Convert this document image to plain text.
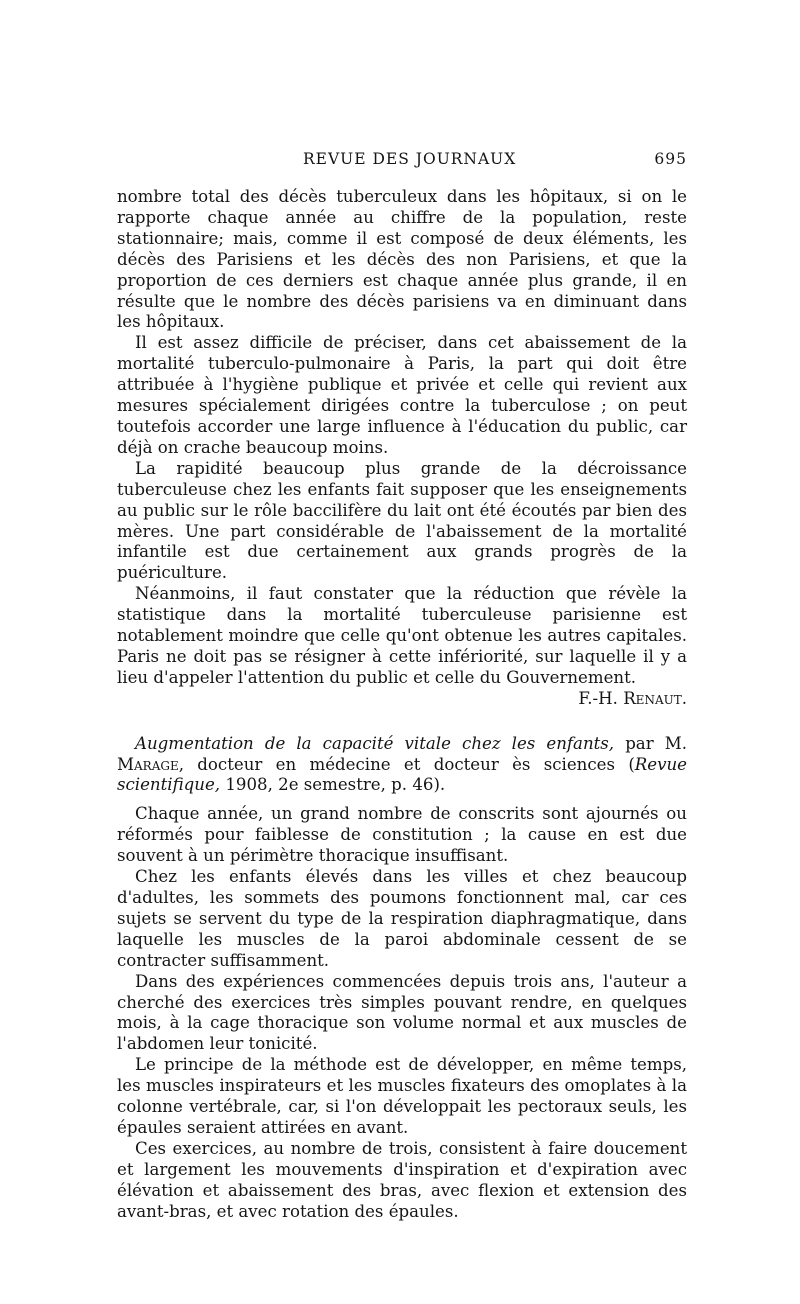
REVUE DES JOURNAUX	695

nombre total des décès tuberculeux dans les hôpitaux, si on le rapporte chaque année au chiffre de la population, reste stationnaire; mais, comme il est composé de deux éléments, les décès des Parisiens et les décès des non Parisiens, et que la proportion de ces derniers est chaque année plus grande, il en résulte que le nombre des décès parisiens va en diminuant dans les hôpitaux.

Il est assez difficile de préciser, dans cet abaissement de la mortalité tuberculo-pulmonaire à Paris, la part qui doit être attribuée à l'hygiène publique et privée et celle qui revient aux mesures spécialement dirigées contre la tuberculose ; on peut toutefois accorder une large influence à l'éducation du public, car déjà on crache beaucoup moins.

La rapidité beaucoup plus grande de la décroissance tuberculeuse chez les enfants fait supposer que les enseignements au public sur le rôle baccilifère du lait ont été écoutés par bien des mères. Une part considérable de l'abaissement de la mortalité infantile est due certainement aux grands progrès de la puériculture.

Néanmoins, il faut constater que la réduction que révèle la statistique dans la mortalité tuberculeuse parisienne est notablement moindre que celle qu'ont obtenue les autres capitales. Paris ne doit pas se résigner à cette infériorité, sur laquelle il y a lieu d'appeler l'attention du public et celle du Gouvernement.

F.-H. Renaut.

Augmentation de la capacité vitale chez les enfants, par M. Marage, docteur en médecine et docteur ès sciences (Revue scientifique, 1908, 2e semestre, p. 46).

Chaque année, un grand nombre de conscrits sont ajournés ou réformés pour faiblesse de constitution ; la cause en est due souvent à un périmètre thoracique insuffisant.

Chez les enfants élevés dans les villes et chez beaucoup d'adultes, les sommets des poumons fonctionnent mal, car ces sujets se servent du type de la respiration diaphragmatique, dans laquelle les muscles de la paroi abdominale cessent de se contracter suffisamment.

Dans des expériences commencées depuis trois ans, l'auteur a cherché des exercices très simples pouvant rendre, en quelques mois, à la cage thoracique son volume normal et aux muscles de l'abdomen leur tonicité.

Le principe de la méthode est de développer, en même temps, les muscles inspirateurs et les muscles fixateurs des omoplates à la colonne vertébrale, car, si l'on développait les pectoraux seuls, les épaules seraient attirées en avant.

Ces exercices, au nombre de trois, consistent à faire doucement et largement les mouvements d'inspiration et d'expiration avec élévation et abaissement des bras, avec flexion et extension des avant-bras, et avec rotation des épaules.
